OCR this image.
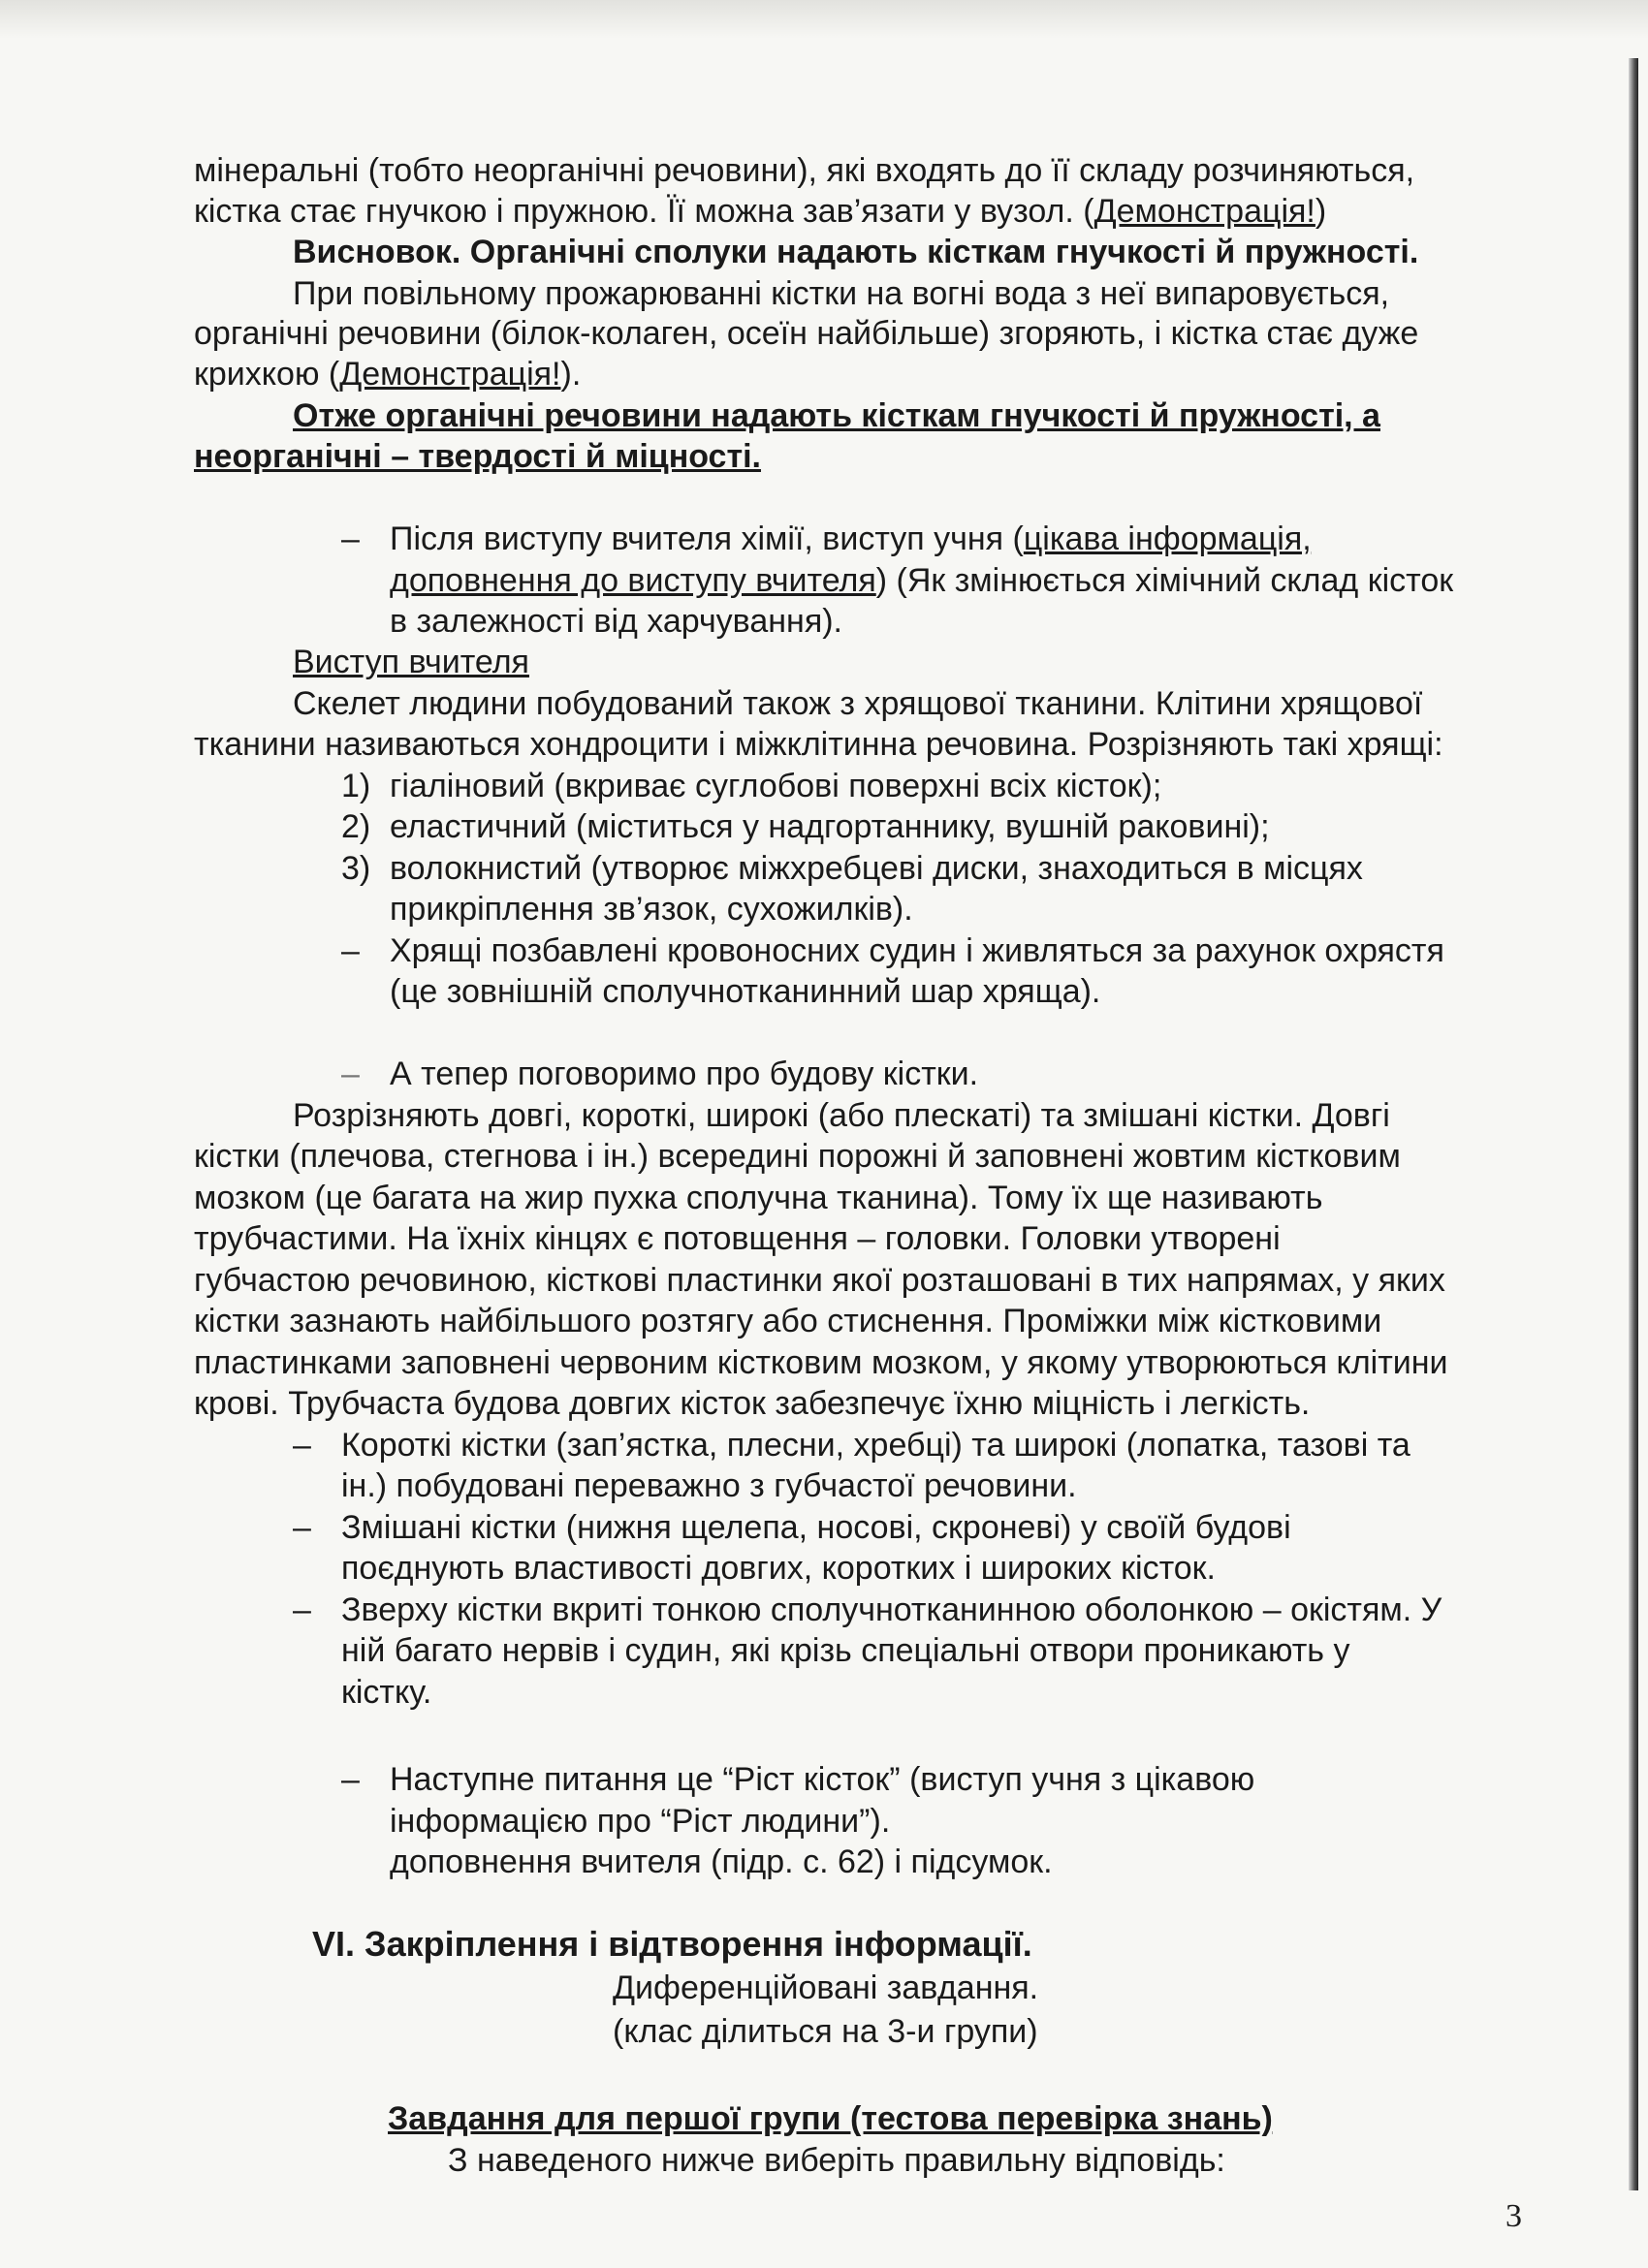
мінеральні (тобто неорганічні речовини), які входять до її складу розчиняються,
кістка стає гнучкою і пружною. Її можна зав’язати у вузол. (Демонстрація!)
Висновок. Органічні сполуки надають кісткам гнучкості й пружності.
При повільному прожарюванні кістки на вогні вода з неї випаровується,
органічні речовини (білок-колаген, осеїн найбільше) згоряють, і кістка стає дуже
крихкою (Демонстрація!).
Отже органічні речовини надають кісткам гнучкості й пружності, а
неорганічні – твердості й міцності.
– Після виступу вчителя хімії, виступ учня (цікава інформація,
доповнення до виступу вчителя) (Як змінюється хімічний склад кісток
в залежності від харчування).
Виступ вчителя
Скелет людини побудований також з хрящової тканини. Клітини хрящової
тканини називаються хондроцити і міжклітинна речовина. Розрізняють такі хрящі:
1) гіаліновий (вкриває суглобові поверхні всіх кісток);
2) еластичний (міститься у надгортаннику, вушній раковині);
3) волокнистий (утворює міжхребцеві диски, знаходиться в місцях
прикріплення зв’язок, сухожилків).
– Хрящі позбавлені кровоносних судин і живляться за рахунок охрястя
(це зовнішній сполучнотканинний шар хряща).
– А тепер поговоримо про будову кістки.
Розрізняють довгі, короткі, широкі (або плескаті) та змішані кістки. Довгі
кістки (плечова, стегнова і ін.) всередині порожні й заповнені жовтим кістковим
мозком (це багата на жир пухка сполучна тканина). Тому їх ще називають
трубчастими. На їхніх кінцях є потовщення – головки. Головки утворені
губчастою речовиною, кісткові пластинки якої розташовані в тих напрямах, у яких
кістки зазнають найбільшого розтягу або стиснення. Проміжки між кістковими
пластинками заповнені червоним кістковим мозком, у якому утворюються клітини
крові. Трубчаста будова довгих кісток забезпечує їхню міцність і легкість.
– Короткі кістки (зап’ястка, плесни, хребці) та широкі (лопатка, тазові та
ін.) побудовані переважно з губчастої речовини.
– Змішані кістки (нижня щелепа, носові, скроневі) у своїй будові
поєднують властивості довгих, коротких і широких кісток.
– Зверху кістки вкриті тонкою сполучнотканинною оболонкою – окістям. У
ній багато нервів і судин, які крізь спеціальні отвори проникають у
кістку.
– Наступне питання це “Ріст кісток” (виступ учня з цікавою
інформацією про “Ріст людини”).
доповнення вчителя (підр. с. 62) і підсумок.
VI. Закріплення і відтворення інформації.
Диференційовані завдання.
(клас ділиться на 3-и групи)
Завдання для першої групи (тестова перевірка знань)
З наведеного нижче виберіть правильну відповідь:
3
